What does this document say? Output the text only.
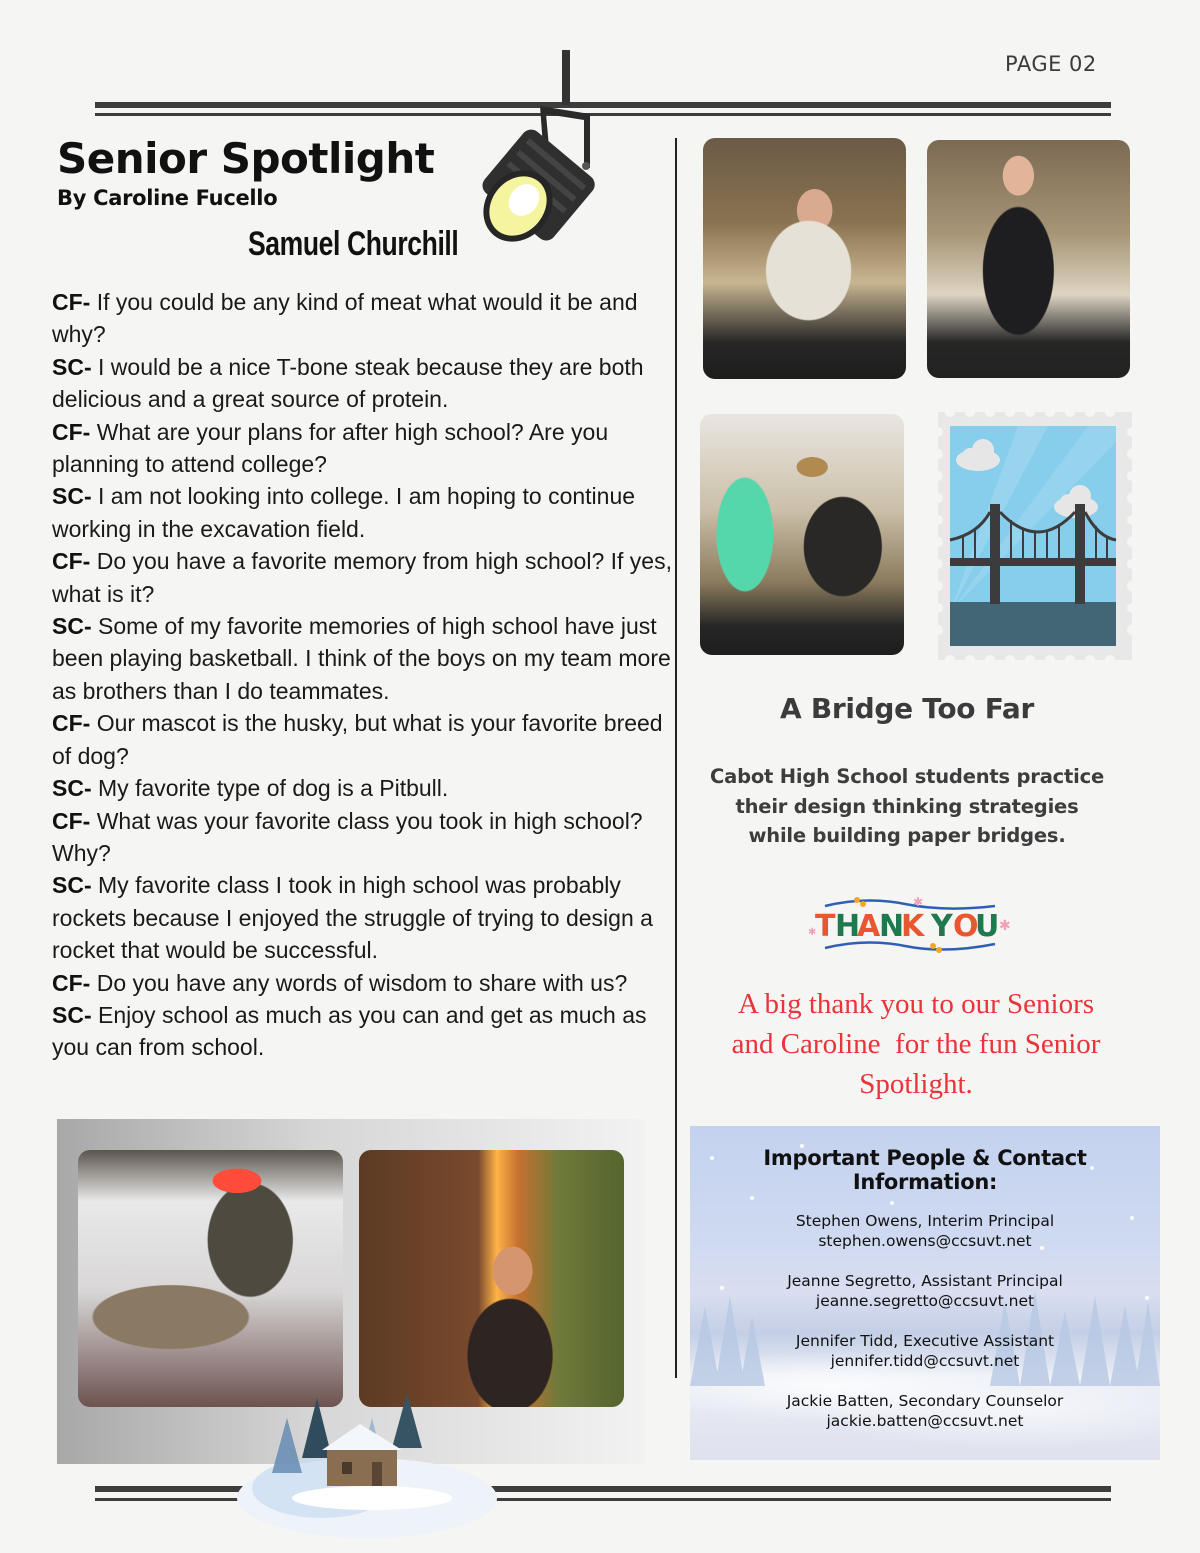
PAGE 02
Senior Spotlight
By Caroline Fucello
Samuel Churchill

CF- If you could be any kind of meat what would it be and why?

SC- I would be a nice T-bone steak because they are both delicious and a great source of protein.

CF- What are your plans for after high school? Are you planning to attend college?

SC- I am not looking into college. I am hoping to continue working in the excavation field.

CF- Do you have a favorite memory from high school? If yes, what is it?

SC- Some of my favorite memories of high school have just been playing basketball. I think of the boys on my team more as brothers than I do teammates.

CF- Our mascot is the husky, but what is your favorite breed of dog?

SC- My favorite type of dog is a Pitbull.

CF- What was your favorite class you took in high school? Why?

SC- My favorite class I took in high school was probably rockets because I enjoyed the struggle of trying to design a rocket that would be successful.

CF- Do you have any words of wisdom to share with us?

SC- Enjoy school as much as you can and get as much as you can from school.

A Bridge Too Far
Cabot High School students practice
their design thinking strategies
while building paper bridges.
✱
✱	✱
T H
A
N
K Y O
U
A big thank you to our Seniors
and Caroline  for the fun Senior
Spotlight.
Important People & Contact
Information:
Stephen Owens, Interim Principal
stephen.owens@ccsuvt.net
Jeanne Segretto, Assistant Principal
jeanne.segretto@ccsuvt.net
Jennifer Tidd, Executive Assistant
jennifer.tidd@ccsuvt.net
Jackie Batten, Secondary Counselor
jackie.batten@ccsuvt.net
